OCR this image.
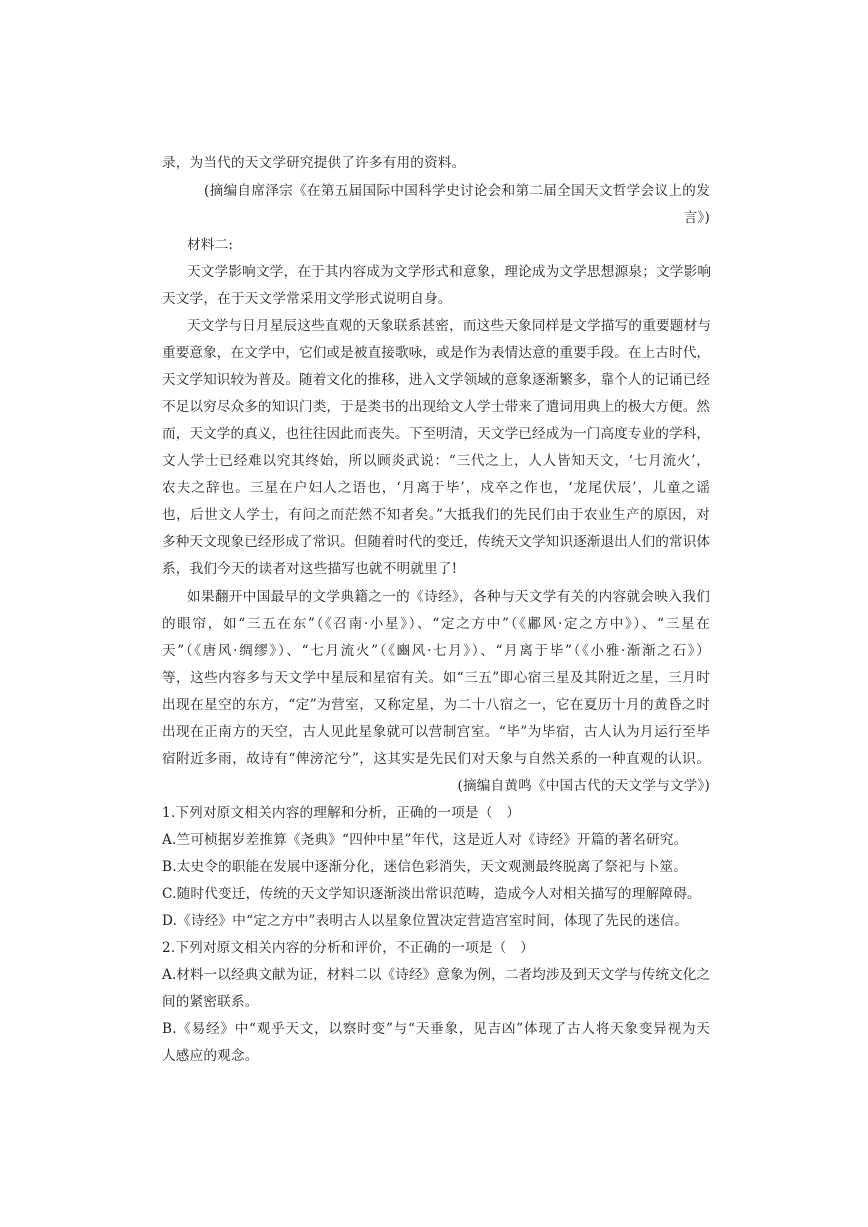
录，为当代的天文学研究提供了许多有用的资料。
(摘编自席泽宗《在第五届国际中国科学史讨论会和第二届全国天文哲学会议上的发
言》)
材料二:
天文学影响文学，在于其内容成为文学形式和意象，理论成为文学思想源泉；文学影响
天文学，在于天文学常采用文学形式说明自身。
天文学与日月星辰这些直观的天象联系甚密，而这些天象同样是文学描写的重要题材与
重要意象，在文学中，它们或是被直接歌咏，或是作为表情达意的重要手段。在上古时代，
天文学知识较为普及。随着文化的推移，进入文学领域的意象逐渐繁多，靠个人的记诵已经
不足以穷尽众多的知识门类，于是类书的出现给文人学士带来了遣词用典上的极大方便。然
而，天文学的真义，也往往因此而丧失。下至明清，天文学已经成为一门高度专业的学科，
文人学士已经难以究其终始，所以顾炎武说：“三代之上，人人皆知天文，‘七月流火’，
农夫之辞也。三星在户妇人之语也，‘月离于毕’，戍卒之作也，‘龙尾伏辰’，儿童之谣
也，后世文人学士，有问之而茫然不知者矣。”大抵我们的先民们由于农业生产的原因，对
多种天文现象已经形成了常识。但随着时代的变迁，传统天文学知识逐渐退出人们的常识体
系，我们今天的读者对这些描写也就不明就里了!
如果翻开中国最早的文学典籍之一的《诗经》，各种与天文学有关的内容就会映入我们
的眼帘，如“三五在东”（《召南·小星》）、“定之方中”（《鄘风·定之方中》）、“三星在
天”（《唐风·绸缪》）、“七月流火”（《豳风·七月》）、“月离于毕”（《小雅·渐渐之石》）
等，这些内容多与天文学中星辰和星宿有关。如“三五”即心宿三星及其附近之星，三月时
出现在星空的东方，“定”为营室，又称定星，为二十八宿之一，它在夏历十月的黄昏之时
出现在正南方的天空，古人见此星象就可以营制宫室。“毕”为毕宿，古人认为月运行至毕
宿附近多雨，故诗有“俾滂沱兮”，这其实是先民们对天象与自然关系的一种直观的认识。
(摘编自黄鸣《中国古代的天文学与文学》)
1.下列对原文相关内容的理解和分析，正确的一项是（　）
A.竺可桢据岁差推算《尧典》“四仲中星”年代，这是近人对《诗经》开篇的著名研究。
B.太史令的职能在发展中逐渐分化，迷信色彩消失，天文观测最终脱离了祭祀与卜筮。
C.随时代变迁，传统的天文学知识逐渐淡出常识范畴，造成今人对相关描写的理解障碍。
D.《诗经》中“定之方中”表明古人以星象位置决定营造宫室时间，体现了先民的迷信。
2.下列对原文相关内容的分析和评价，不正确的一项是（　）
A.材料一以经典文献为证，材料二以《诗经》意象为例，二者均涉及到天文学与传统文化之
间的紧密联系。
B.《易经》中“观乎天文，以察时变”与“天垂象，见吉凶”体现了古人将天象变异视为天
人感应的观念。
